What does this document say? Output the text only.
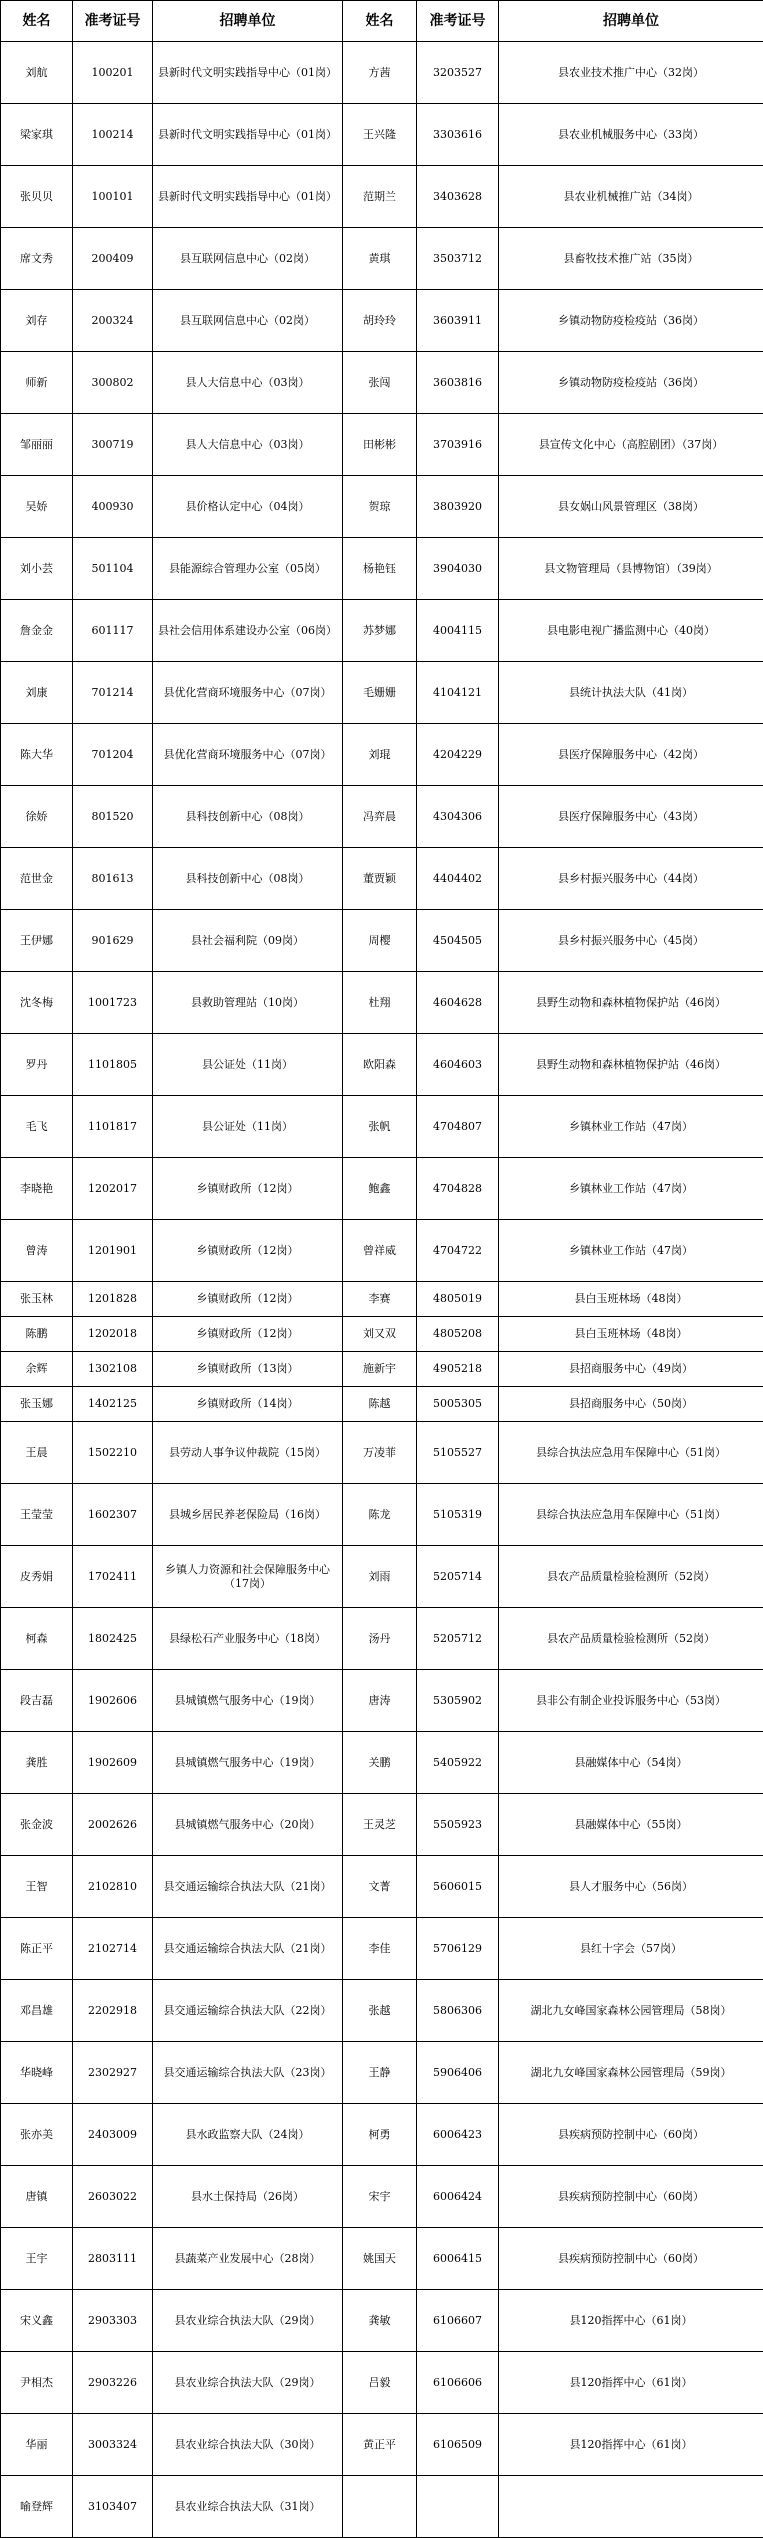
姓名	准考证号	招聘单位	姓名	准考证号	招聘单位
刘航	100201	县新时代文明实践指导中心（01岗）	方茜	3203527	县农业技术推广中心（32岗）
梁家琪	100214	县新时代文明实践指导中心（01岗）	王兴隆	3303616	县农业机械服务中心（33岗）
张贝贝	100101	县新时代文明实践指导中心（01岗）	范期兰	3403628	县农业机械推广站（34岗）
席文秀	200409	县互联网信息中心（02岗）	黄琪	3503712	县畜牧技术推广站（35岗）
刘存	200324	县互联网信息中心（02岗）	胡玲玲	3603911	乡镇动物防疫检疫站（36岗）
师新	300802	县人大信息中心（03岗）	张闯	3603816	乡镇动物防疫检疫站（36岗）
邹丽丽	300719	县人大信息中心（03岗）	田彬彬	3703916	县宣传文化中心（高腔剧团）（37岗）
吴娇	400930	县价格认定中心（04岗）	贺琼	3803920	县女娲山风景管理区（38岗）
刘小芸	501104	县能源综合管理办公室（05岗）	杨艳钰	3904030	县文物管理局（县博物馆）（39岗）
詹金金	601117	县社会信用体系建设办公室（06岗）	苏梦娜	4004115	县电影电视广播监测中心（40岗）
刘康	701214	县优化营商环境服务中心（07岗）	毛姗姗	4104121	县统计执法大队（41岗）
陈大华	701204	县优化营商环境服务中心（07岗）	刘琨	4204229	县医疗保障服务中心（42岗）
徐娇	801520	县科技创新中心（08岗）	冯弈晨	4304306	县医疗保障服务中心（43岗）
范世金	801613	县科技创新中心（08岗）	董贾颖	4404402	县乡村振兴服务中心（44岗）
王伊娜	901629	县社会福利院（09岗）	周樱	4504505	县乡村振兴服务中心（45岗）
沈冬梅	1001723	县救助管理站（10岗）	杜翔	4604628	县野生动物和森林植物保护站（46岗）
罗丹	1101805	县公证处（11岗）	欧阳森	4604603	县野生动物和森林植物保护站（46岗）
毛飞	1101817	县公证处（11岗）	张帆	4704807	乡镇林业工作站（47岗）
李晓艳	1202017	乡镇财政所（12岗）	鲍鑫	4704828	乡镇林业工作站（47岗）
曾涛	1201901	乡镇财政所（12岗）	曾祥威	4704722	乡镇林业工作站（47岗）
张玉林	1201828	乡镇财政所（12岗）	李赛	4805019	县白玉班林场（48岗）
陈鹏	1202018	乡镇财政所（12岗）	刘又双	4805208	县白玉班林场（48岗）
余辉	1302108	乡镇财政所（13岗）	施新宇	4905218	县招商服务中心（49岗）
张玉娜	1402125	乡镇财政所（14岗）	陈越	5005305	县招商服务中心（50岗）
王晨	1502210	县劳动人事争议仲裁院（15岗）	万凌菲	5105527	县综合执法应急用车保障中心（51岗）
王莹莹	1602307	县城乡居民养老保险局（16岗）	陈龙	5105319	县综合执法应急用车保障中心（51岗）
皮秀娟	1702411	乡镇人力资源和社会保障服务中心（17岗）	刘雨	5205714	县农产品质量检验检测所（52岗）
柯森	1802425	县绿松石产业服务中心（18岗）	汤丹	5205712	县农产品质量检验检测所（52岗）
段吉磊	1902606	县城镇燃气服务中心（19岗）	唐涛	5305902	县非公有制企业投诉服务中心（53岗）
龚胜	1902609	县城镇燃气服务中心（19岗）	关鹏	5405922	县融媒体中心（54岗）
张金波	2002626	县城镇燃气服务中心（20岗）	王灵芝	5505923	县融媒体中心（55岗）
王智	2102810	县交通运输综合执法大队（21岗）	文菁	5606015	县人才服务中心（56岗）
陈正平	2102714	县交通运输综合执法大队（21岗）	李佳	5706129	县红十字会（57岗）
邓昌雄	2202918	县交通运输综合执法大队（22岗）	张越	5806306	湖北九女峰国家森林公园管理局（58岗）
华晓峰	2302927	县交通运输综合执法大队（23岗）	王静	5906406	湖北九女峰国家森林公园管理局（59岗）
张亦美	2403009	县水政监察大队（24岗）	柯勇	6006423	县疾病预防控制中心（60岗）
唐镇	2603022	县水土保持局（26岗）	宋宇	6006424	县疾病预防控制中心（60岗）
王宇	2803111	县蔬菜产业发展中心（28岗）	姚国天	6006415	县疾病预防控制中心（60岗）
宋义鑫	2903303	县农业综合执法大队（29岗）	龚敏	6106607	县120指挥中心（61岗）
尹相杰	2903226	县农业综合执法大队（29岗）	吕毅	6106606	县120指挥中心（61岗）
华丽	3003324	县农业综合执法大队（30岗）	黄正平	6106509	县120指挥中心（61岗）
喻登辉	3103407	县农业综合执法大队（31岗）			
